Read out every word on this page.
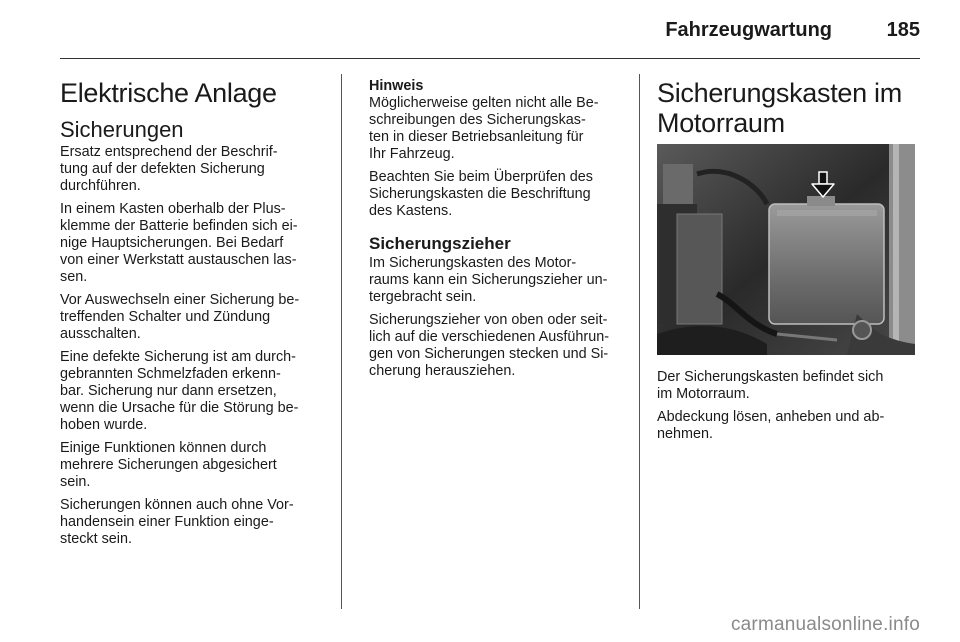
Fahrzeugwartung	185
Elektrische Anlage
Sicherungen

Ersatz entsprechend der Beschrif-
tung auf der defekten Sicherung
durchführen.

In einem Kasten oberhalb der Plus-
klemme der Batterie befinden sich ei-
nige Hauptsicherungen. Bei Bedarf
von einer Werkstatt austauschen las-
sen.

Vor Auswechseln einer Sicherung be-
treffenden Schalter und Zündung
ausschalten.

Eine defekte Sicherung ist am durch-
gebrannten Schmelzfaden erkenn-
bar. Sicherung nur dann ersetzen,
wenn die Ursache für die Störung be-
hoben wurde.

Einige Funktionen können durch
mehrere Sicherungen abgesichert
sein.

Sicherungen können auch ohne Vor-
handensein einer Funktion einge-
steckt sein.

Hinweis

Möglicherweise gelten nicht alle Be-
schreibungen des Sicherungskas-
ten in dieser Betriebsanleitung für
Ihr Fahrzeug.

Beachten Sie beim Überprüfen des
Sicherungskasten die Beschriftung
des Kastens.

Sicherungszieher

Im Sicherungskasten des Motor-
raums kann ein Sicherungszieher un-
tergebracht sein.

Sicherungszieher von oben oder seit-
lich auf die verschiedenen Ausführun-
gen von Sicherungen stecken und Si-
cherung herausziehen.

Sicherungskasten im
Motorraum

Der Sicherungskasten befindet sich
im Motorraum.

Abdeckung lösen, anheben und ab-
nehmen.

carmanualsonline.info
